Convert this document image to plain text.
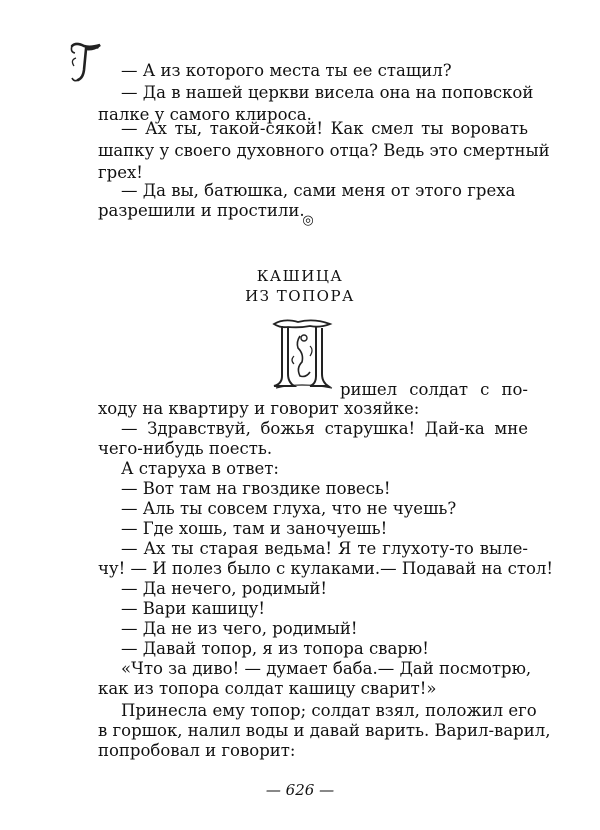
— А из которого места ты ее стащил?
— Да в нашей церкви висела она на поповской
палке у самого клироса.
— Ах ты, такой-сякой! Как смел ты воровать
шапку у своего духовного отца? Ведь это смертный
грех!
— Да вы, батюшка, сами меня от этого греха
разрешили и простили.
◎
КАШИЦА
ИЗ ТОПОРА
ришел солдат с по-
ходу на квартиру и говорит хозяйке:
— Здравствуй, божья старушка! Дай-ка мне
чего-нибудь поесть.
А старуха в ответ:
— Вот там на гвоздике повесь!
— Аль ты совсем глуха, что не чуешь?
— Где хошь, там и заночуешь!
— Ах ты старая ведьма! Я те глухоту-то выле-
чу! — И полез было с кулаками.— Подавай на стол!
— Да нечего, родимый!
— Вари кашицу!
— Да не из чего, родимый!
— Давай топор, я из топора сварю!
«Что за диво! — думает баба.— Дай посмотрю,
как из топора солдат кашицу сварит!»
Принесла ему топор; солдат взял, положил его
в горшок, налил воды и давай варить. Варил-варил,
попробовал и говорит:
— 626 —
